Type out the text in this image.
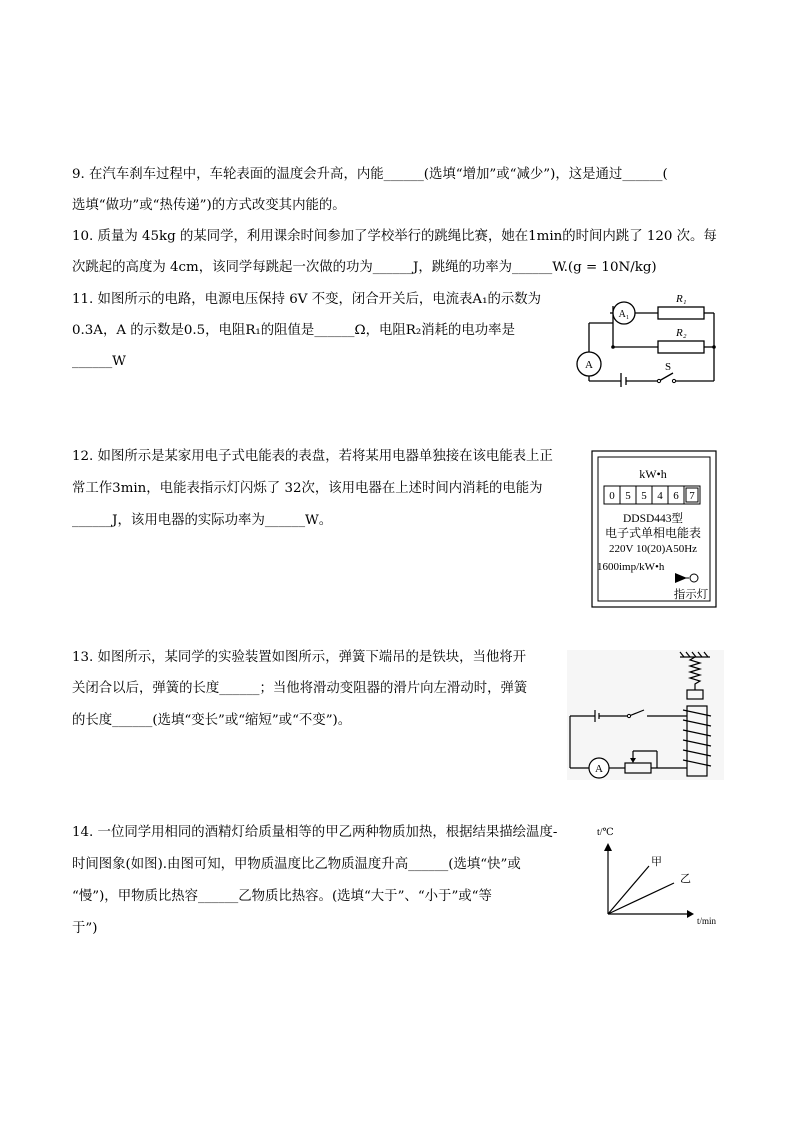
9. 在汽车刹车过程中，车轮表面的温度会升高，内能______(选填“增加”或“减少”)，这是通过______(
选填“做功”或“热传递”)的方式改变其内能的。
10. 质量为 45kg 的某同学，利用课余时间参加了学校举行的跳绳比赛，她在1min的时间内跳了 120 次。每
次跳起的高度为 4cm，该同学每跳起一次做的功为______J，跳绳的功率为______W.(g = 10N/kg)
11. 如图所示的电路，电源电压保持 6V 不变，闭合开关后，电流表A₁的示数为
0.3A，A 的示数是0.5，电阻R₁的阻值是______Ω，电阻R₂消耗的电功率是
______W
A₁
A
R₁
R₂
S
12. 如图所示是某家用电子式电能表的表盘，若将某用电器单独接在该电能表上正
常工作3min，电能表指示灯闪烁了 32次，该用电器在上述时间内消耗的电能为
______J，该用电器的实际功率为______W。
kW•h
0 5 5 4 6 7
DDSD443型
电子式单相电能表
220V 10(20)A50Hz
1600imp/kW•h
指示灯
13. 如图所示，某同学的实验装置如图所示，弹簧下端吊的是铁块，当他将开
关闭合以后，弹簧的长度______；当他将滑动变阻器的滑片向左滑动时，弹簧
的长度______(选填“变长”或“缩短”或“不变”)。
A
14. 一位同学用相同的酒精灯给质量相等的甲乙两种物质加热，根据结果描绘温度-
时间图象(如图).由图可知，甲物质温度比乙物质温度升高______(选填“快”或
“慢”)，甲物质比热容______乙物质比热容。(选填“大于”、“小于”或“等
于”)
t/℃
t/min
甲
乙
